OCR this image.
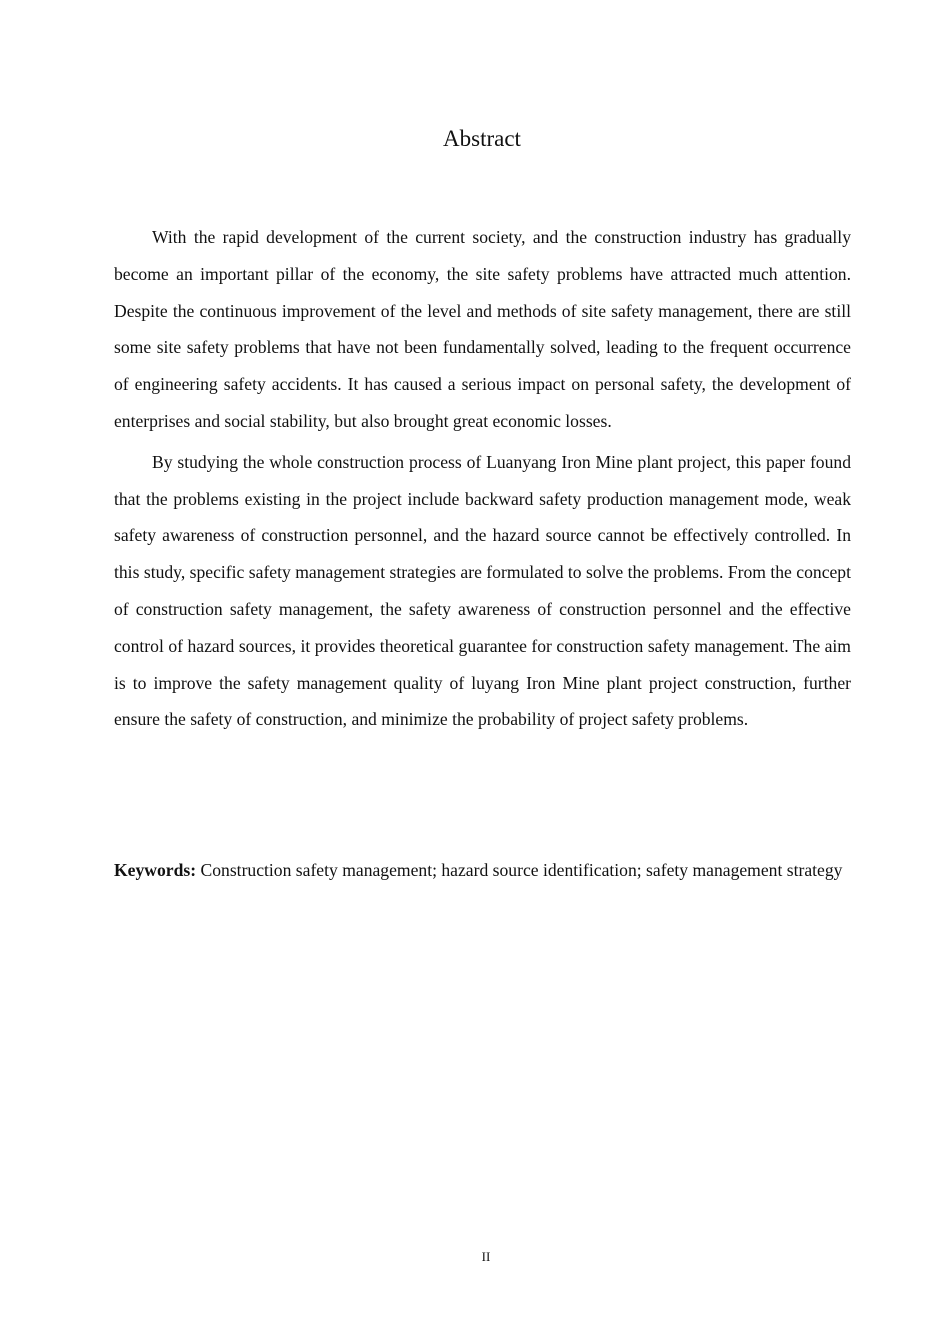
Abstract

With the rapid development of the current society, and the construction industry has gradually become an important pillar of the economy, the site safety problems have attracted much attention. Despite the continuous improvement of the level and methods of site safety management, there are still some site safety problems that have not been fundamentally solved, leading to the frequent occurrence of engineering safety accidents. It has caused a serious impact on personal safety, the development of enterprises and social stability, but also brought great economic losses.

By studying the whole construction process of Luanyang Iron Mine plant project, this paper found that the problems existing in the project include backward safety production management mode, weak safety awareness of construction personnel, and the hazard source cannot be effectively controlled. In this study, specific safety management strategies are formulated to solve the problems. From the concept of construction safety management, the safety awareness of construction personnel and the effective control of hazard sources, it provides theoretical guarantee for construction safety management. The aim is to improve the safety management quality of luyang Iron Mine plant project construction, further ensure the safety of construction, and minimize the probability of project safety problems.

Keywords: Construction safety management; hazard source identification; safety management strategy

II
